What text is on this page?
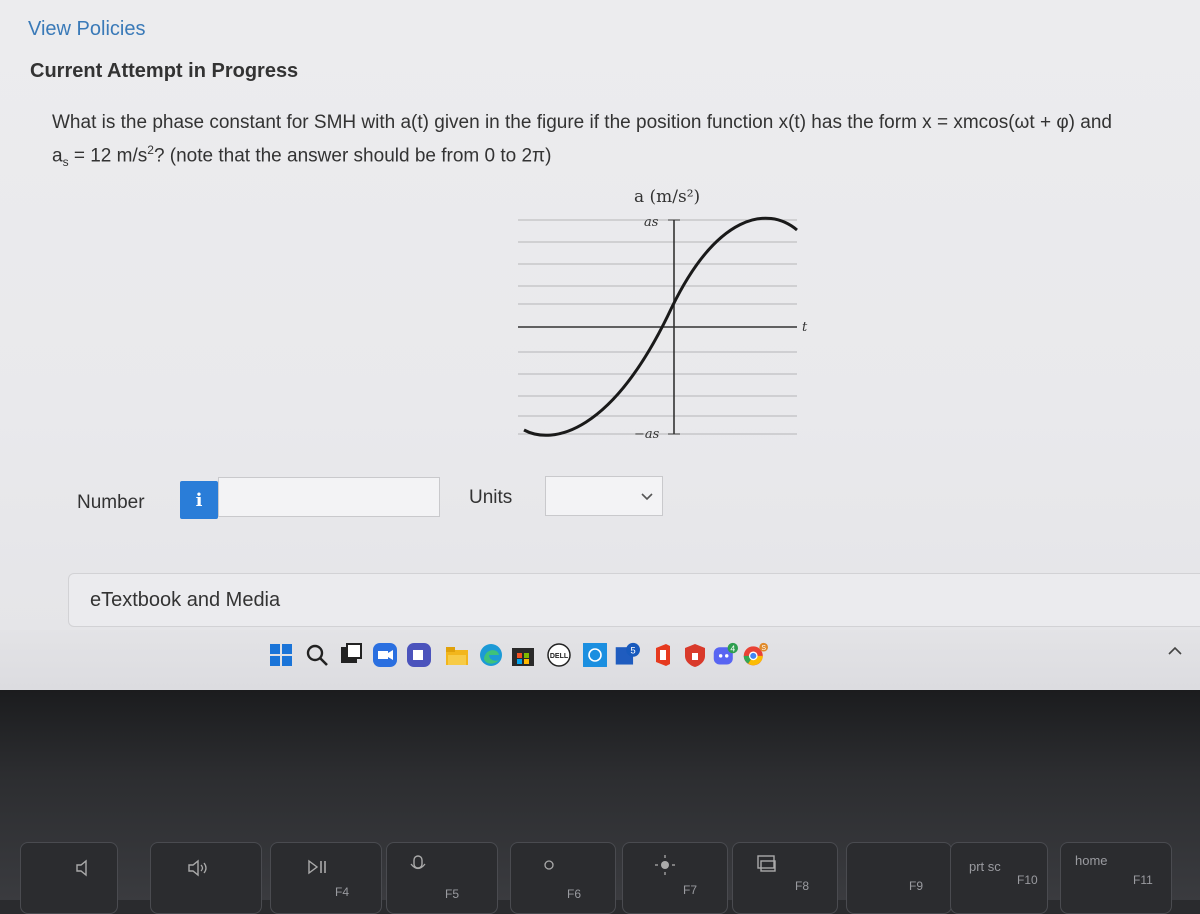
View Policies
Current Attempt in Progress
What is the phase constant for SMH with a(t) given in the figure if the position function x(t) has the form x = xmcos(ωt + φ) and
$a_s = 12$ $m/s^2$? (note that the answer should be from 0 to 2π)
a (m/s²)
as
−as
t
Number	i	Units
eTextbook and Media
DELL
5	4	S
F4	F5	F6	F7	F8	F9
prt sc
F10
home
F11
